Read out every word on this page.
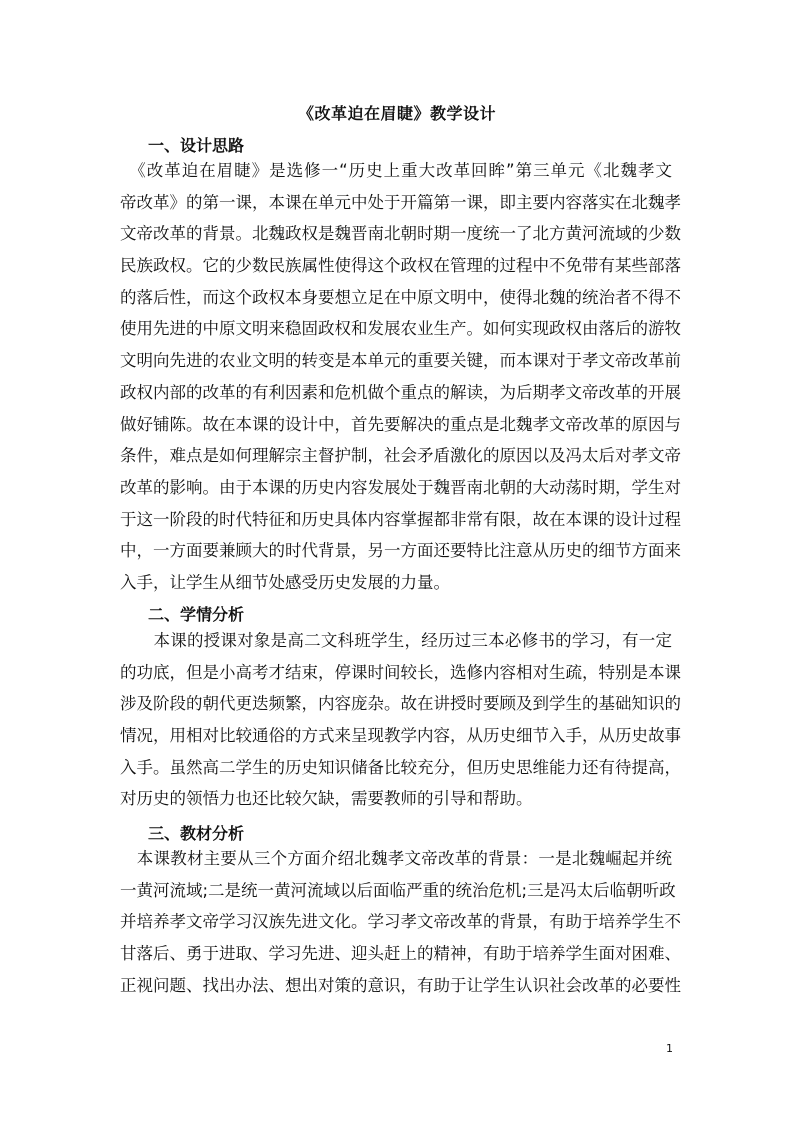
《改革迫在眉睫》教学设计
一、设计思路
　《改革迫在眉睫》是选修一“历史上重大改革回眸”第三单元《北魏孝文
帝改革》的第一课，本课在单元中处于开篇第一课，即主要内容落实在北魏孝
文帝改革的背景。北魏政权是魏晋南北朝时期一度统一了北方黄河流域的少数
民族政权。它的少数民族属性使得这个政权在管理的过程中不免带有某些部落
的落后性，而这个政权本身要想立足在中原文明中，使得北魏的统治者不得不
使用先进的中原文明来稳固政权和发展农业生产。如何实现政权由落后的游牧
文明向先进的农业文明的转变是本单元的重要关键，而本课对于孝文帝改革前
政权内部的改革的有利因素和危机做个重点的解读，为后期孝文帝改革的开展
做好铺陈。故在本课的设计中，首先要解决的重点是北魏孝文帝改革的原因与
条件，难点是如何理解宗主督护制，社会矛盾激化的原因以及冯太后对孝文帝
改革的影响。由于本课的历史内容发展处于魏晋南北朝的大动荡时期，学生对
于这一阶段的时代特征和历史具体内容掌握都非常有限，故在本课的设计过程
中，一方面要兼顾大的时代背景，另一方面还要特比注意从历史的细节方面来
入手，让学生从细节处感受历史发展的力量。
二、学情分析
　　本课的授课对象是高二文科班学生，经历过三本必修书的学习，有一定
的功底，但是小高考才结束，停课时间较长，选修内容相对生疏，特别是本课
涉及阶段的朝代更迭频繁，内容庞杂。故在讲授时要顾及到学生的基础知识的
情况，用相对比较通俗的方式来呈现教学内容，从历史细节入手，从历史故事
入手。虽然高二学生的历史知识储备比较充分，但历史思维能力还有待提高，
对历史的领悟力也还比较欠缺，需要教师的引导和帮助。
三、教材分析
　本课教材主要从三个方面介绍北魏孝文帝改革的背景：一是北魏崛起并统
一黄河流域;二是统一黄河流域以后面临严重的统治危机;三是冯太后临朝听政
并培养孝文帝学习汉族先进文化。学习孝文帝改革的背景，有助于培养学生不
甘落后、勇于进取、学习先进、迎头赶上的精神，有助于培养学生面对困难、
正视问题、找出办法、想出对策的意识，有助于让学生认识社会改革的必要性
1
